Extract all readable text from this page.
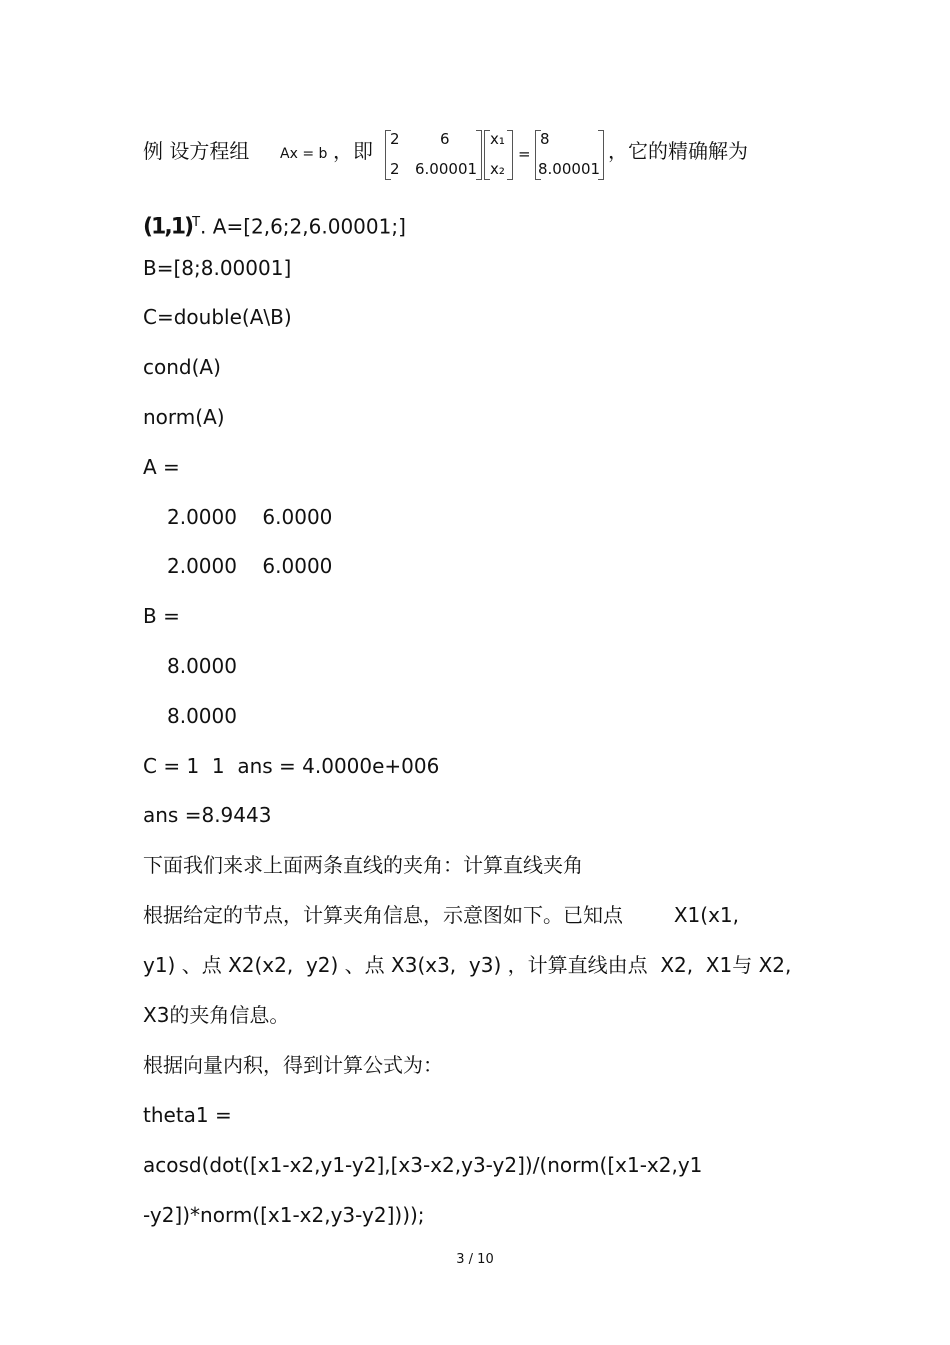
例 设方程组 Ax = b ，即 2	6
2 6.00001
x₁
x₂
=
8
8.00001
，它的精确解为
$(1,1)^T$. A=[2,6;2,6.00001;]
B=[8;8.00001]
C=double(A\B)
cond(A)
norm(A)
A =
2.0000    6.0000
2.0000    6.0000
B =
8.0000
8.0000
C = 1  1  ans = 4.0000e+006
ans =8.9443
下面我们来求上面两条直线的夹角：计算直线夹角
根据给定的节点，计算夹角信息，示意图如下。已知点        X1(x1,
y1) 、点 X2(x2,  y2) 、点 X3(x3,  y3) ，计算直线由点  X2,  X1与 X2,
X3的夹角信息。
根据向量内积，得到计算公式为：
theta1 =
acosd(dot([x1-x2,y1-y2],[x3-x2,y3-y2])/(norm([x1-x2,y1
-y2])*norm([x1-x2,y3-y2])));
3 / 10
